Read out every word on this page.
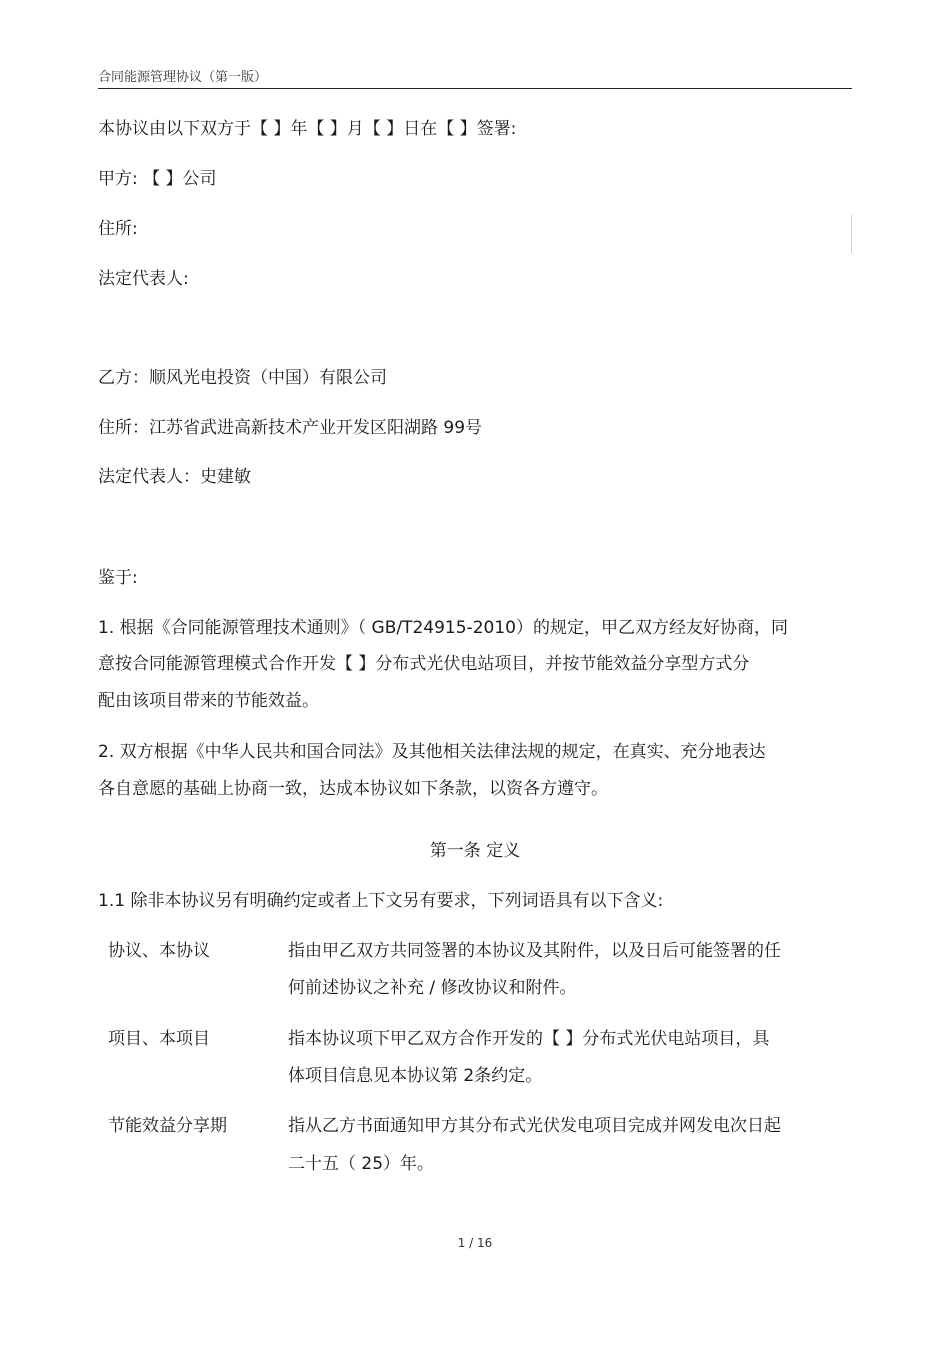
合同能源管理协议（第一版）
本协议由以下双方于【 】年【 】月【 】日在【 】签署:
甲方: 【 】公司
住所:
法定代表人:
乙方：顺风光电投资（中国）有限公司
住所：江苏省武进高新技术产业开发区阳湖路 99号
法定代表人：史建敏
鉴于:
1. 根据《合同能源管理技术通则》（ GB/T24915-2010）的规定，甲乙双方经友好协商，同
意按合同能源管理模式合作开发【 】分布式光伏电站项目，并按节能效益分享型方式分
配由该项目带来的节能效益。
2. 双方根据《中华人民共和国合同法》及其他相关法律法规的规定，在真实、充分地表达
各自意愿的基础上协商一致，达成本协议如下条款，以资各方遵守。
第一条 定义
1.1 除非本协议另有明确约定或者上下文另有要求，下列词语具有以下含义:
协议、本协议	指由甲乙双方共同签署的本协议及其附件，以及日后可能签署的任
何前述协议之补充 / 修改协议和附件。
项目、本项目	指本协议项下甲乙双方合作开发的【 】分布式光伏电站项目，具
体项目信息见本协议第 2条约定。
节能效益分享期	指从乙方书面通知甲方其分布式光伏发电项目完成并网发电次日起
二十五（ 25）年。
1 / 16
